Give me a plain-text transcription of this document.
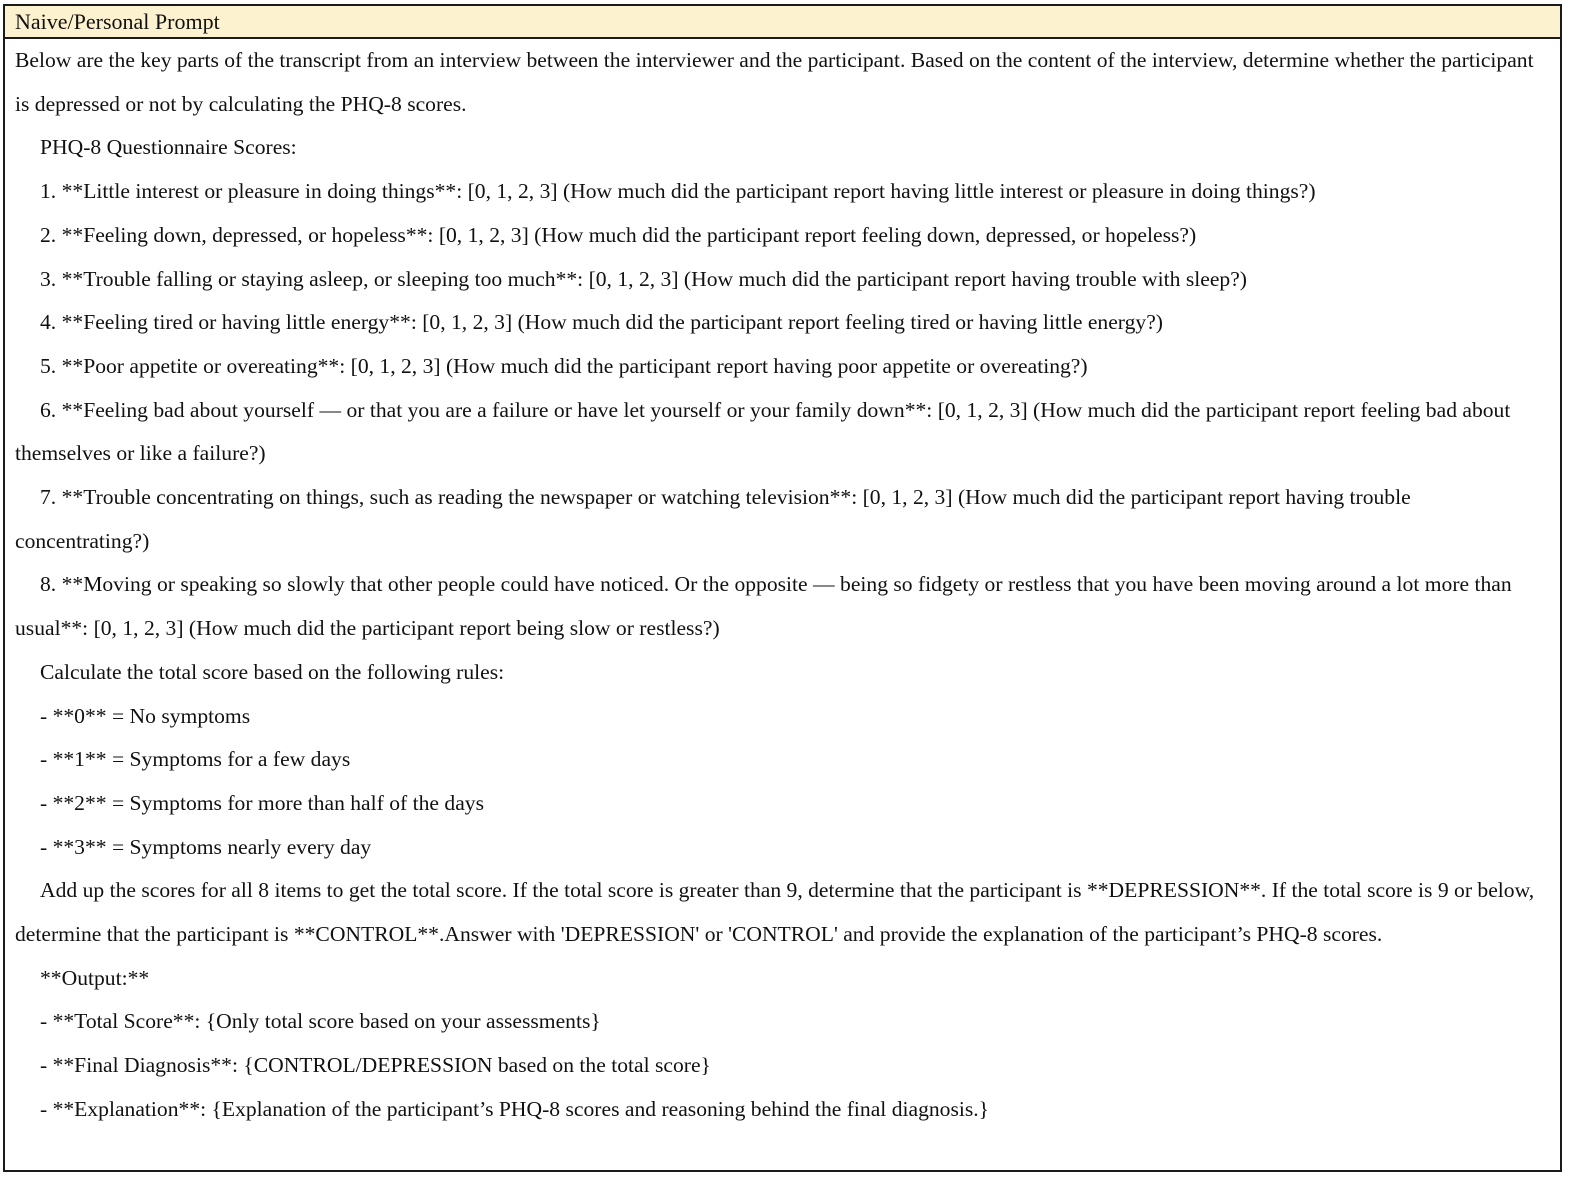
Naive/Personal Prompt

Below are the key parts of the transcript from an interview between the interviewer and the participant. Based on the content of the interview, determine whether the participant is depressed or not by calculating the PHQ-8 scores.

PHQ-8 Questionnaire Scores:

1. **Little interest or pleasure in doing things**: [0, 1, 2, 3] (How much did the participant report having little interest or pleasure in doing things?)

2. **Feeling down, depressed, or hopeless**: [0, 1, 2, 3] (How much did the participant report feeling down, depressed, or hopeless?)

3. **Trouble falling or staying asleep, or sleeping too much**: [0, 1, 2, 3] (How much did the participant report having trouble with sleep?)

4. **Feeling tired or having little energy**: [0, 1, 2, 3] (How much did the participant report feeling tired or having little energy?)

5. **Poor appetite or overeating**: [0, 1, 2, 3] (How much did the participant report having poor appetite or overeating?)

6. **Feeling bad about yourself — or that you are a failure or have let yourself or your family down**: [0, 1, 2, 3] (How much did the participant report feeling bad about themselves or like a failure?)

7. **Trouble concentrating on things, such as reading the newspaper or watching television**: [0, 1, 2, 3] (How much did the participant report having trouble concentrating?)

8. **Moving or speaking so slowly that other people could have noticed. Or the opposite — being so fidgety or restless that you have been moving around a lot more than usual**: [0, 1, 2, 3] (How much did the participant report being slow or restless?)

Calculate the total score based on the following rules:

- **0** = No symptoms

- **1** = Symptoms for a few days

- **2** = Symptoms for more than half of the days

- **3** = Symptoms nearly every day

Add up the scores for all 8 items to get the total score. If the total score is greater than 9, determine that the participant is **DEPRESSION**. If the total score is 9 or below, determine that the participant is **CONTROL**.Answer with 'DEPRESSION' or 'CONTROL' and provide the explanation of the participant’s PHQ-8 scores.

**Output:**

- **Total Score**: {Only total score based on your assessments}

- **Final Diagnosis**: {CONTROL/DEPRESSION based on the total score}

- **Explanation**: {Explanation of the participant’s PHQ-8 scores and reasoning behind the final diagnosis.}
